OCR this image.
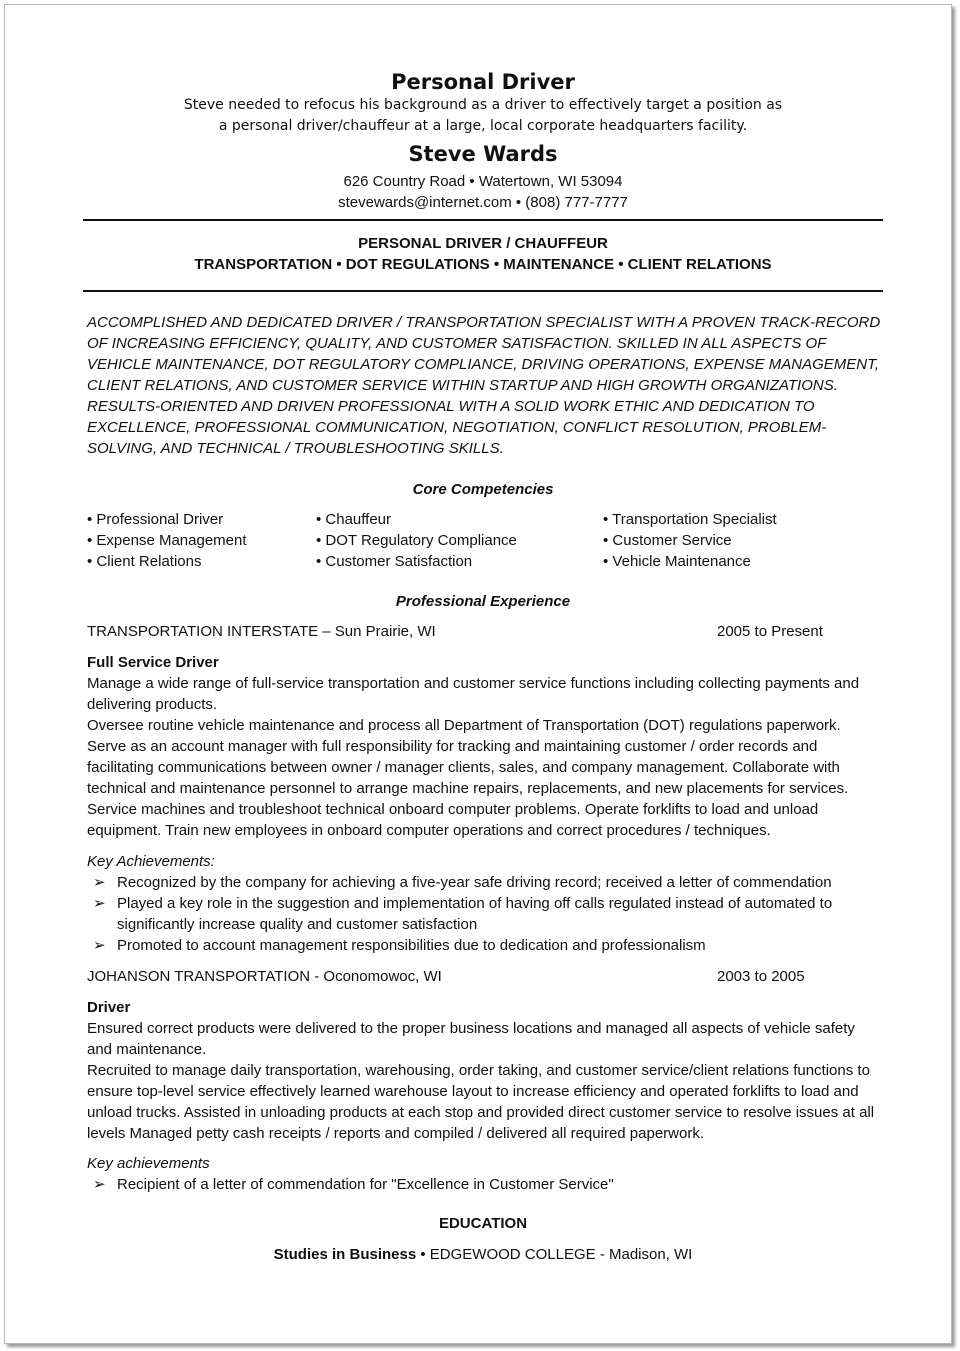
Personal Driver
Steve needed to refocus his background as a driver to effectively target a position as
a personal driver/chauffeur at a large, local corporate headquarters facility.
Steve Wards
626 Country Road • Watertown, WI 53094
stevewards@internet.com • (808) 777-7777
PERSONAL DRIVER / CHAUFFEUR
TRANSPORTATION • DOT REGULATIONS • MAINTENANCE • CLIENT RELATIONS
ACCOMPLISHED AND DEDICATED DRIVER / TRANSPORTATION SPECIALIST WITH A PROVEN TRACK-RECORD OF INCREASING EFFICIENCY, QUALITY, AND CUSTOMER SATISFACTION. SKILLED IN ALL ASPECTS OF VEHICLE MAINTENANCE, DOT REGULATORY COMPLIANCE, DRIVING OPERATIONS, EXPENSE MANAGEMENT, CLIENT RELATIONS, AND CUSTOMER SERVICE WITHIN STARTUP AND HIGH GROWTH ORGANIZATIONS. RESULTS-ORIENTED AND DRIVEN PROFESSIONAL WITH A SOLID WORK ETHIC AND DEDICATION TO EXCELLENCE, PROFESSIONAL COMMUNICATION, NEGOTIATION, CONFLICT RESOLUTION, PROBLEM-SOLVING, AND TECHNICAL / TROUBLESHOOTING SKILLS.
Core Competencies
• Professional Driver
• Expense Management
• Client Relations
• Chauffeur
• DOT Regulatory Compliance
• Customer Satisfaction
• Transportation Specialist
• Customer Service
• Vehicle Maintenance
Professional Experience
TRANSPORTATION INTERSTATE – Sun Prairie, WI	2005 to Present
Full Service Driver
Manage a wide range of full-service transportation and customer service functions including collecting payments and delivering products.
Oversee routine vehicle maintenance and process all Department of Transportation (DOT) regulations paperwork. Serve as an account manager with full responsibility for tracking and maintaining customer / order records and facilitating communications between owner / manager clients, sales, and company management. Collaborate with technical and maintenance personnel to arrange machine repairs, replacements, and new placements for services. Service machines and troubleshoot technical onboard computer problems. Operate forklifts to load and unload equipment. Train new employees in onboard computer operations and correct procedures / techniques.
Key Achievements:
➢ Recognized by the company for achieving a five-year safe driving record; received a letter of commendation
➢ Played a key role in the suggestion and implementation of having off calls regulated instead of automated to significantly increase quality and customer satisfaction
➢ Promoted to account management responsibilities due to dedication and professionalism
JOHANSON TRANSPORTATION - Oconomowoc, WI	2003 to 2005
Driver
Ensured correct products were delivered to the proper business locations and managed all aspects of vehicle safety and maintenance.
Recruited to manage daily transportation, warehousing, order taking, and customer service/client relations functions to ensure top-level service effectively learned warehouse layout to increase efficiency and operated forklifts to load and unload trucks. Assisted in unloading products at each stop and provided direct customer service to resolve issues at all levels Managed petty cash receipts / reports and compiled / delivered all required paperwork.
Key achievements
➢ Recipient of a letter of commendation for "Excellence in Customer Service"
EDUCATION
Studies in Business • EDGEWOOD COLLEGE - Madison, WI
